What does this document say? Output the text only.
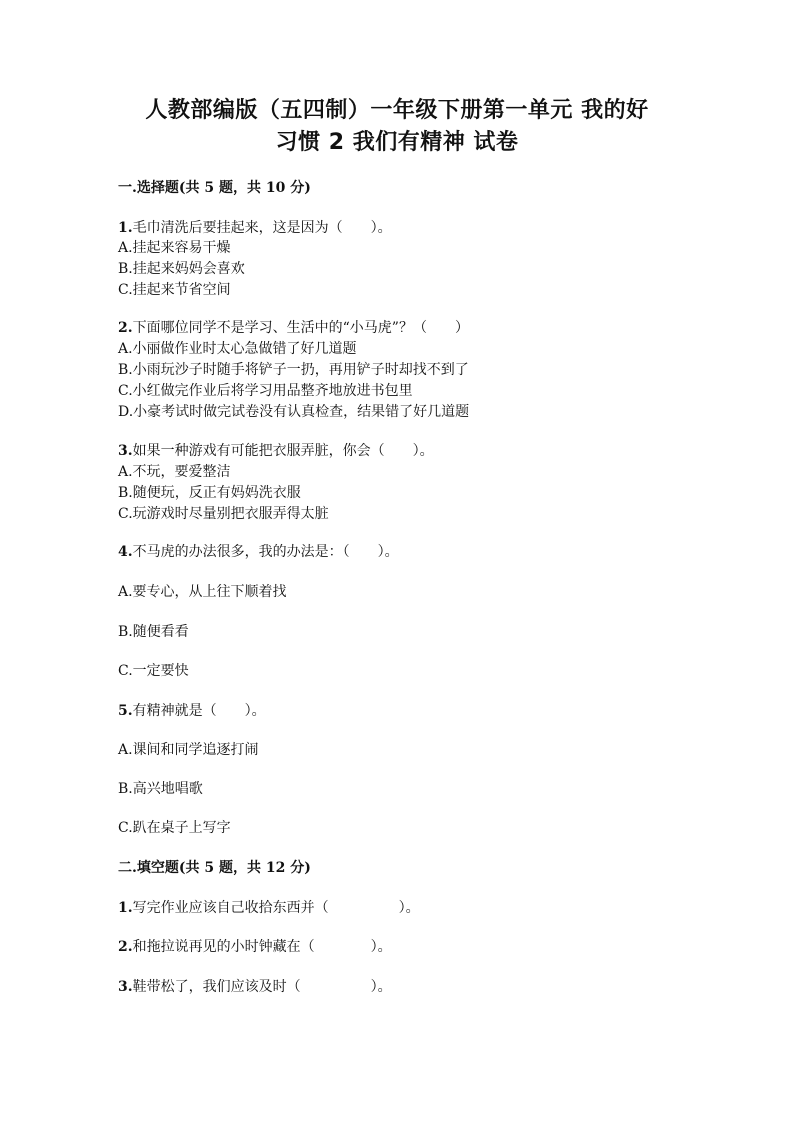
人教部编版（五四制）一年级下册第一单元 我的好
习惯 2 我们有精神 试卷
一.选择题(共 5 题，共 10 分)
1.毛巾清洗后要挂起来，这是因为（　　）。
A.挂起来容易干燥
B.挂起来妈妈会喜欢
C.挂起来节省空间
2.下面哪位同学不是学习、生活中的“小马虎”？（　　）
A.小丽做作业时太心急做错了好几道题
B.小雨玩沙子时随手将铲子一扔，再用铲子时却找不到了
C.小红做完作业后将学习用品整齐地放进书包里
D.小豪考试时做完试卷没有认真检查，结果错了好几道题
3.如果一种游戏有可能把衣服弄脏，你会（　　）。
A.不玩，要爱整洁
B.随便玩，反正有妈妈洗衣服
C.玩游戏时尽量别把衣服弄得太脏
4.不马虎的办法很多，我的办法是：（　　）。
A.要专心，从上往下顺着找
B.随便看看
C.一定要快
5.有精神就是（　　）。
A.课间和同学追逐打闹
B.高兴地唱歌
C.趴在桌子上写字
二.填空题(共 5 题，共 12 分)
1.写完作业应该自己收拾东西并（　　　　　）。
2.和拖拉说再见的小时钟藏在（　　　　）。
3.鞋带松了，我们应该及时（　　　　　）。
